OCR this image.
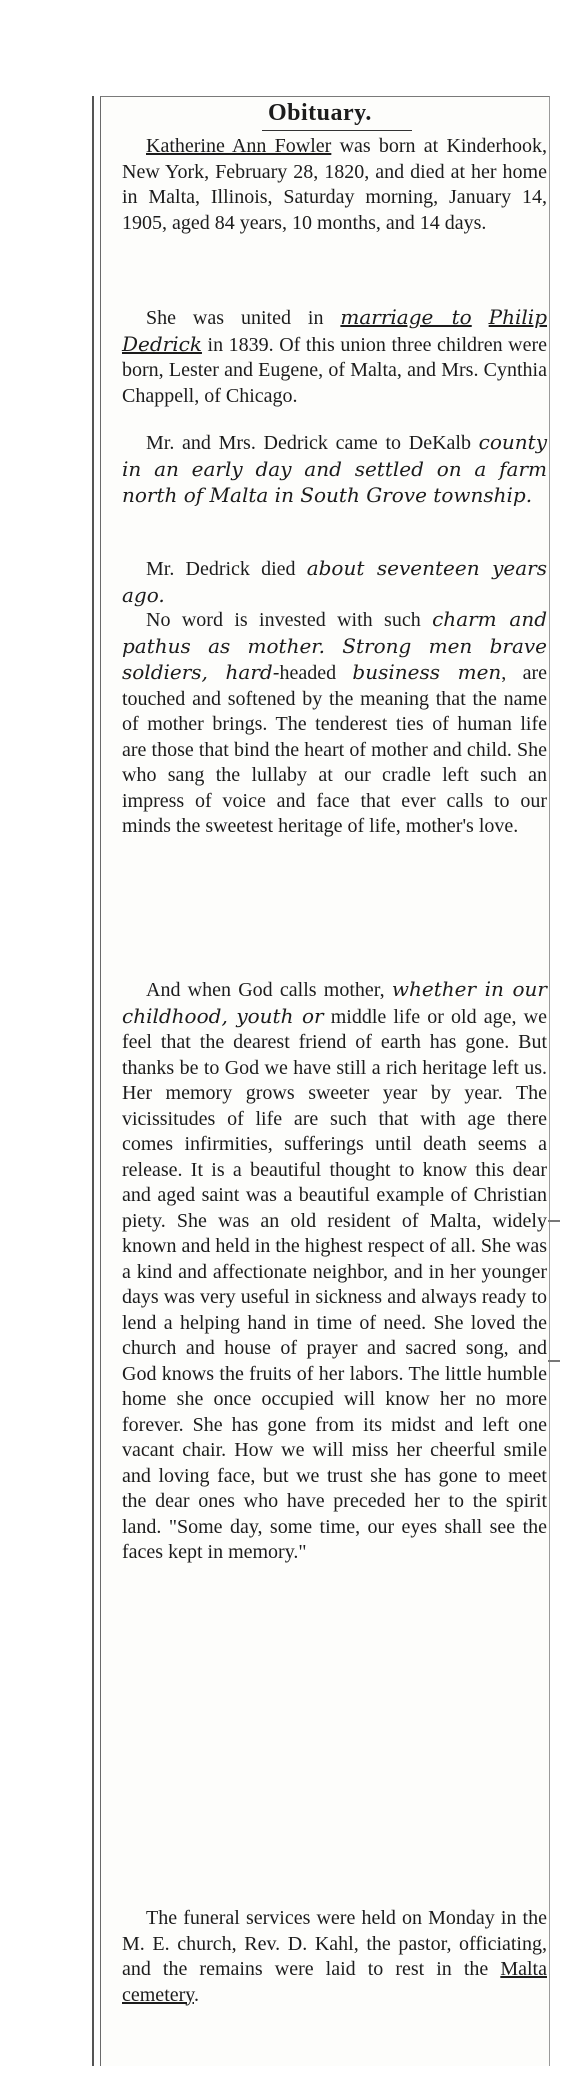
Obituary.
Katherine Ann Fowler was born at Kinderhook, New York, February 28, 1820, and died at her home in Malta, Illinois, Saturday morning, January 14, 1905, aged 84 years, 10 months, and 14 days.
She was united in marriage to Philip Dedrick in 1839. Of this union three children were born, Lester and Eugene, of Malta, and Mrs. Cynthia Chappell, of Chicago.
Mr. and Mrs. Dedrick came to DeKalb county in an early day and settled on a farm north of Malta in South Grove township.
Mr. Dedrick died about seventeen years ago.
No word is invested with such charm and pathus as mother. Strong men brave soldiers, hard-headed business men, are touched and softened by the meaning that the name of mother brings. The tenderest ties of human life are those that bind the heart of mother and child. She who sang the lullaby at our cradle left such an impress of voice and face that ever calls to our minds the sweetest heritage of life, mother's love.
And when God calls mother, whether in our childhood, youth or middle life or old age, we feel that the dearest friend of earth has gone. But thanks be to God we have still a rich heritage left us. Her memory grows sweeter year by year. The vicissitudes of life are such that with age there comes infirmities, sufferings until death seems a release. It is a beautiful thought to know this dear and aged saint was a beautiful example of Christian piety. She was an old resident of Malta, widely known and held in the highest respect of all. She was a kind and affectionate neighbor, and in her younger days was very useful in sickness and always ready to lend a helping hand in time of need. She loved the church and house of prayer and sacred song, and God knows the fruits of her labors. The little humble home she once occupied will know her no more forever. She has gone from its midst and left one vacant chair. How we will miss her cheerful smile and loving face, but we trust she has gone to meet the dear ones who have preceded her to the spirit land. "Some day, some time, our eyes shall see the faces kept in memory."
The funeral services were held on Monday in the M. E. church, Rev. D. Kahl, the pastor, officiating, and the remains were laid to rest in the Malta cemetery.
